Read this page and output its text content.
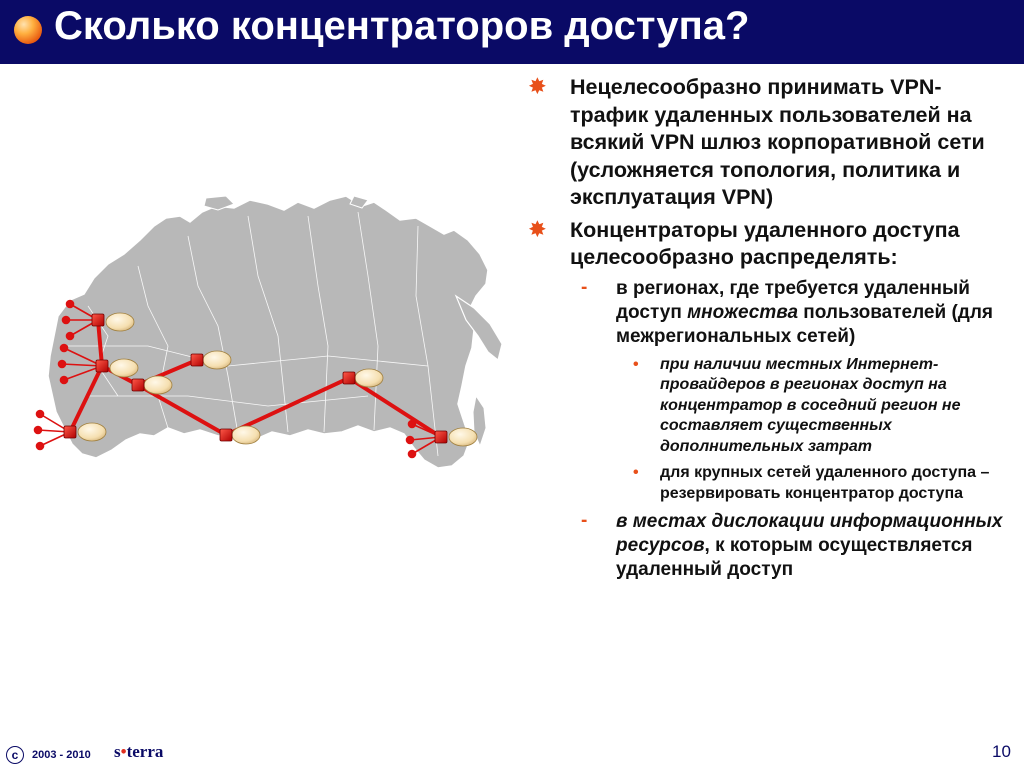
Сколько концентраторов доступа?
✸ Нецелесообразно принимать VPN-трафик удаленных пользователей на всякий VPN шлюз корпоративной сети (усложняется топология, политика и эксплуатация VPN)
✸ Концентраторы удаленного доступа целесообразно распределять:
- в регионах, где требуется удаленный доступ множества пользователей (для межрегиональных сетей)
• при наличии местных Интернет-провайдеров в регионах доступ на концентратор в соседний регион не составляет существенных дополнительных затрат
• для крупных сетей удаленного доступа – резервировать концентратор доступа
- в местах дислокации информационных ресурсов, к которым осуществляется удаленный доступ
c	2003 - 2010 s•terra	10
